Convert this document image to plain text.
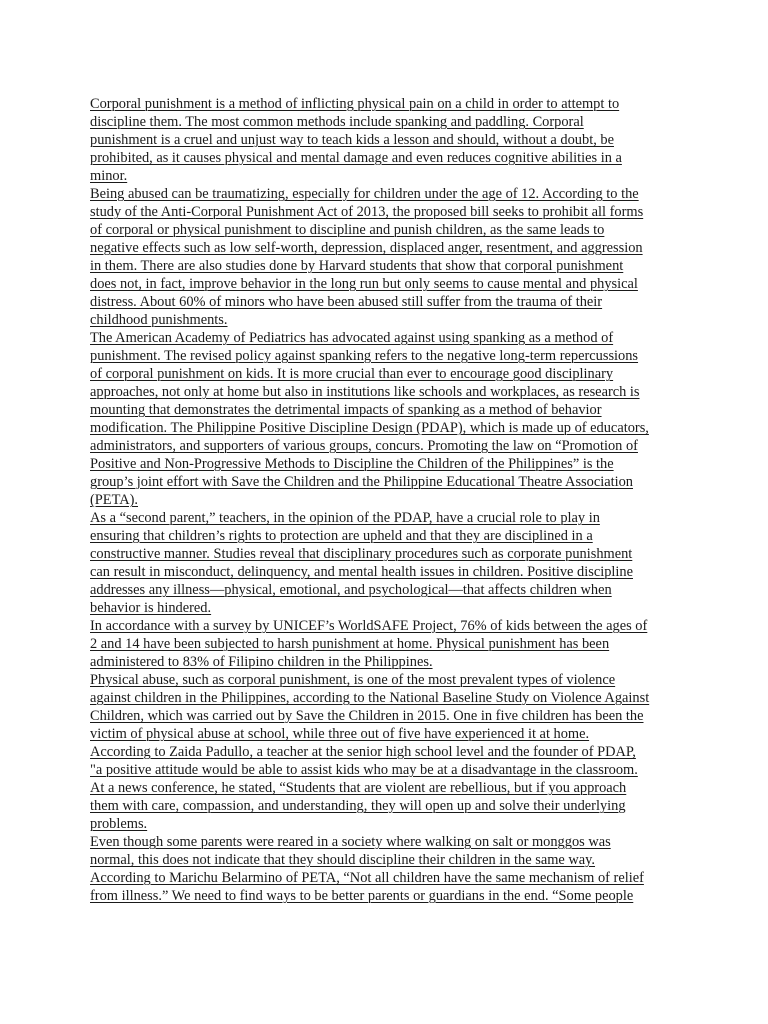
Corporal punishment is a method of inflicting physical pain on a child in order to attempt to
discipline them. The most common methods include spanking and paddling. Corporal
punishment is a cruel and unjust way to teach kids a lesson and should, without a doubt, be
prohibited, as it causes physical and mental damage and even reduces cognitive abilities in a
minor.
Being abused can be traumatizing, especially for children under the age of 12. According to the
study of the Anti-Corporal Punishment Act of 2013, the proposed bill seeks to prohibit all forms
of corporal or physical punishment to discipline and punish children, as the same leads to
negative effects such as low self-worth, depression, displaced anger, resentment, and aggression
in them. There are also studies done by Harvard students that show that corporal punishment
does not, in fact, improve behavior in the long run but only seems to cause mental and physical
distress. About 60% of minors who have been abused still suffer from the trauma of their
childhood punishments.
The American Academy of Pediatrics has advocated against using spanking as a method of
punishment. The revised policy against spanking refers to the negative long-term repercussions
of corporal punishment on kids. It is more crucial than ever to encourage good disciplinary
approaches, not only at home but also in institutions like schools and workplaces, as research is
mounting that demonstrates the detrimental impacts of spanking as a method of behavior
modification. The Philippine Positive Discipline Design (PDAP), which is made up of educators,
administrators, and supporters of various groups, concurs. Promoting the law on “Promotion of
Positive and Non-Progressive Methods to Discipline the Children of the Philippines” is the
group’s joint effort with Save the Children and the Philippine Educational Theatre Association
(PETA).
As a “second parent,” teachers, in the opinion of the PDAP, have a crucial role to play in
ensuring that children’s rights to protection are upheld and that they are disciplined in a
constructive manner. Studies reveal that disciplinary procedures such as corporate punishment
can result in misconduct, delinquency, and mental health issues in children. Positive discipline
addresses any illness—physical, emotional, and psychological—that affects children when
behavior is hindered.
In accordance with a survey by UNICEF’s WorldSAFE Project, 76% of kids between the ages of
2 and 14 have been subjected to harsh punishment at home. Physical punishment has been
administered to 83% of Filipino children in the Philippines.
Physical abuse, such as corporal punishment, is one of the most prevalent types of violence
against children in the Philippines, according to the National Baseline Study on Violence Against
Children, which was carried out by Save the Children in 2015. One in five children has been the
victim of physical abuse at school, while three out of five have experienced it at home.
According to Zaida Padullo, a teacher at the senior high school level and the founder of PDAP,
"a positive attitude would be able to assist kids who may be at a disadvantage in the classroom.
At a news conference, he stated, “Students that are violent are rebellious, but if you approach
them with care, compassion, and understanding, they will open up and solve their underlying
problems.
Even though some parents were reared in a society where walking on salt or monggos was
normal, this does not indicate that they should discipline their children in the same way.
According to Marichu Belarmino of PETA, “Not all children have the same mechanism of relief
from illness.” We need to find ways to be better parents or guardians in the end. “Some people
